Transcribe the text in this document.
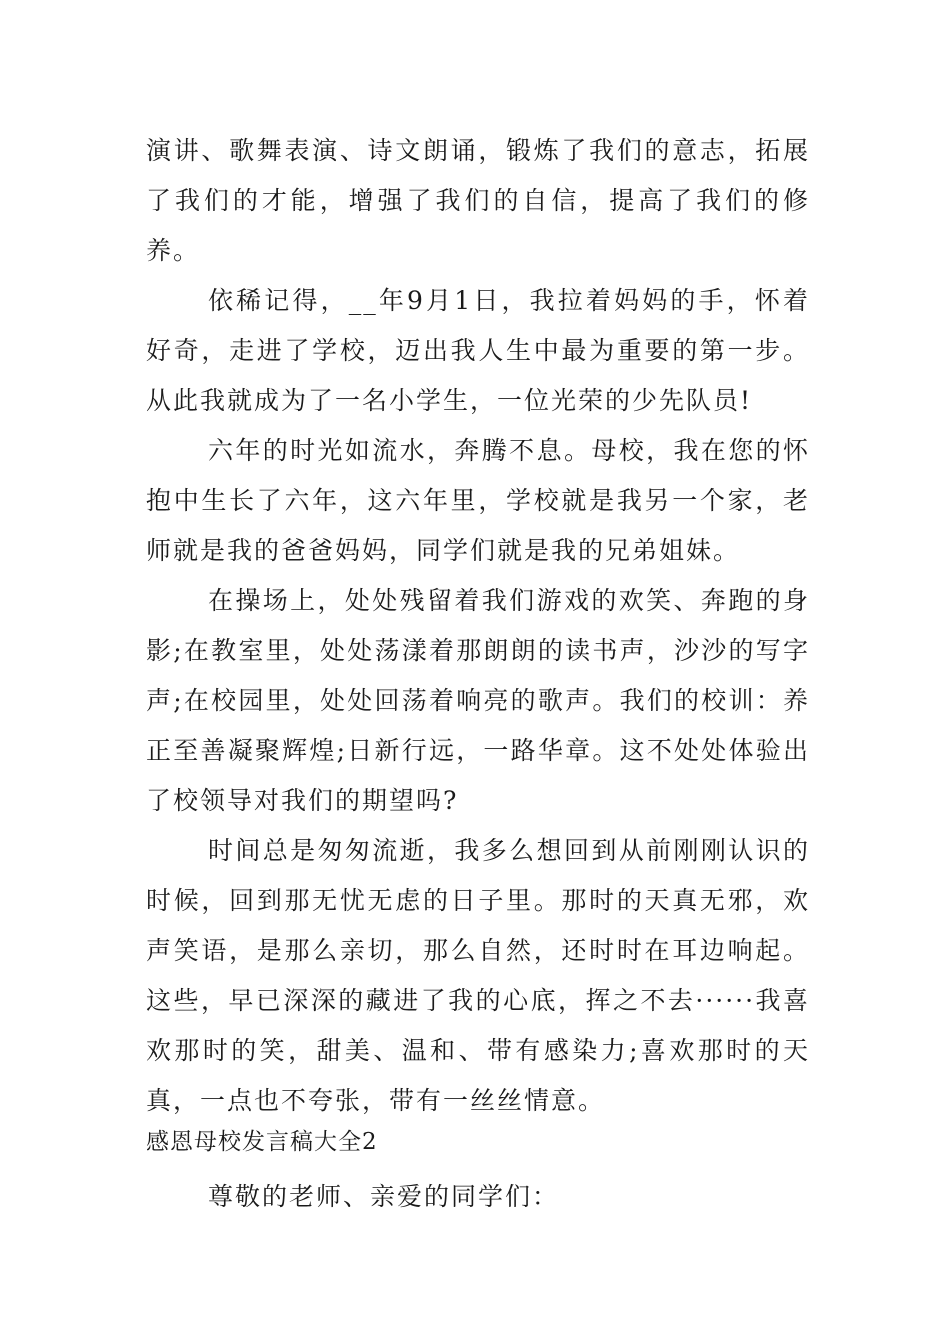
演讲、歌舞表演、诗文朗诵，锻炼了我们的意志，拓展了我们的才能，增强了我们的自信，提高了我们的修养。

依稀记得，__年9月1日，我拉着妈妈的手，怀着好奇，走进了学校，迈出我人生中最为重要的第一步。从此我就成为了一名小学生，一位光荣的少先队员!

六年的时光如流水，奔腾不息。母校，我在您的怀抱中生长了六年，这六年里，学校就是我另一个家，老师就是我的爸爸妈妈，同学们就是我的兄弟姐妹。

在操场上，处处残留着我们游戏的欢笑、奔跑的身影;在教室里，处处荡漾着那朗朗的读书声，沙沙的写字声;在校园里，处处回荡着响亮的歌声。我们的校训：养正至善凝聚辉煌;日新行远，一路华章。这不处处体验出了校领导对我们的期望吗?

时间总是匆匆流逝，我多么想回到从前刚刚认识的时候，回到那无忧无虑的日子里。那时的天真无邪，欢声笑语，是那么亲切，那么自然，还时时在耳边响起。这些，早已深深的藏进了我的心底，挥之不去······我喜欢那时的笑，甜美、温和、带有感染力;喜欢那时的天真，一点也不夸张，带有一丝丝情意。

感恩母校发言稿大全2

尊敬的老师、亲爱的同学们：
